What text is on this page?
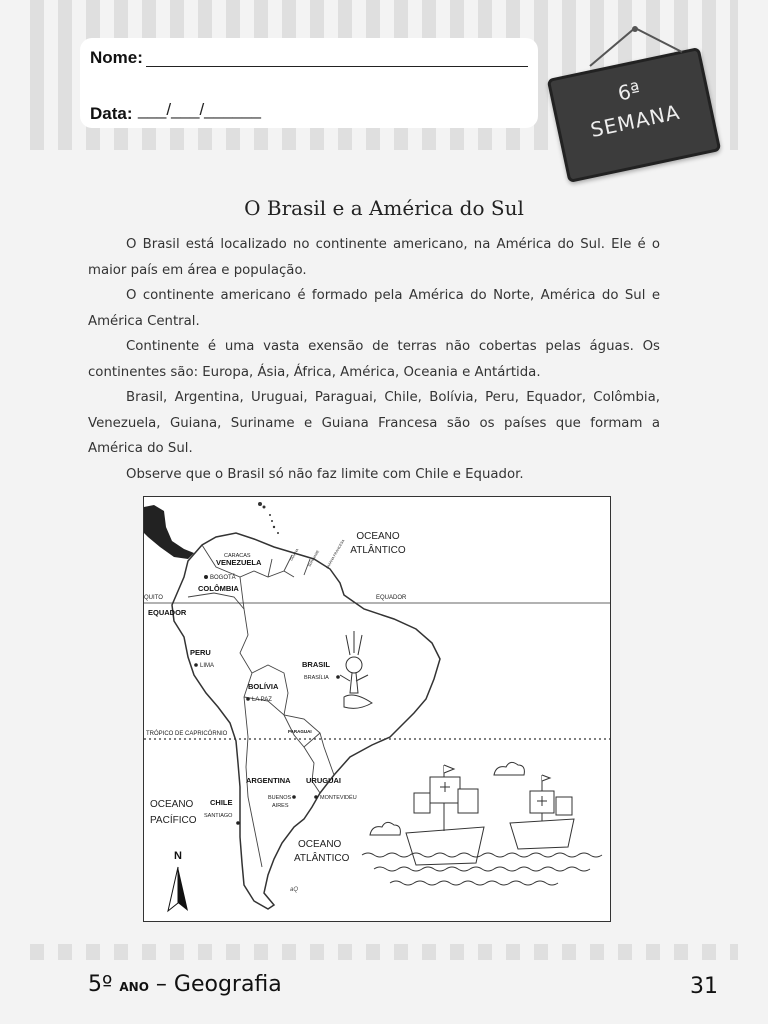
Nome:
Data: ___/___/______
6ª
SEMANA
O Brasil e a América do Sul

O Brasil está localizado no continente americano, na América do Sul. Ele é o maior país em área e população.

O continente americano é formado pela América do Norte, América do Sul e América Central.

Continente é uma vasta exensão de terras não cobertas pelas águas. Os continentes são: Europa, Ásia, África, América, Oceania e Antártida.

Brasil, Argentina, Uruguai, Paraguai, Chile, Bolívia, Peru, Equador, Colômbia, Venezuela, Guiana, Suriname e Guiana Francesa são os países que formam a América do Sul.

Observe que o Brasil só não faz limite com Chile e Equador.

OCEANO
ATLÂNTICO
EQUADOR
TRÓPICO DE CAPRICÓRNIO
VENEZUELA
CARACAS	GUIANA SURINAME GUIANA FRANCESA
BOGOTÁ
COLÔMBIA
QUITO
EQUADOR
PERU
LIMA	BRASIL
BRASÍLIA
BOLÍVIA
LA PAZ
PARAGUAI
ARGENTINA URUGUAI
BUENOS
AIRES
MONTEVIDÉU
CHILE
SANTIAGO
OCEANO
PACÍFICO
OCEANO
ATLÂNTICO
N
aQ
5º ANO – Geografia	31
